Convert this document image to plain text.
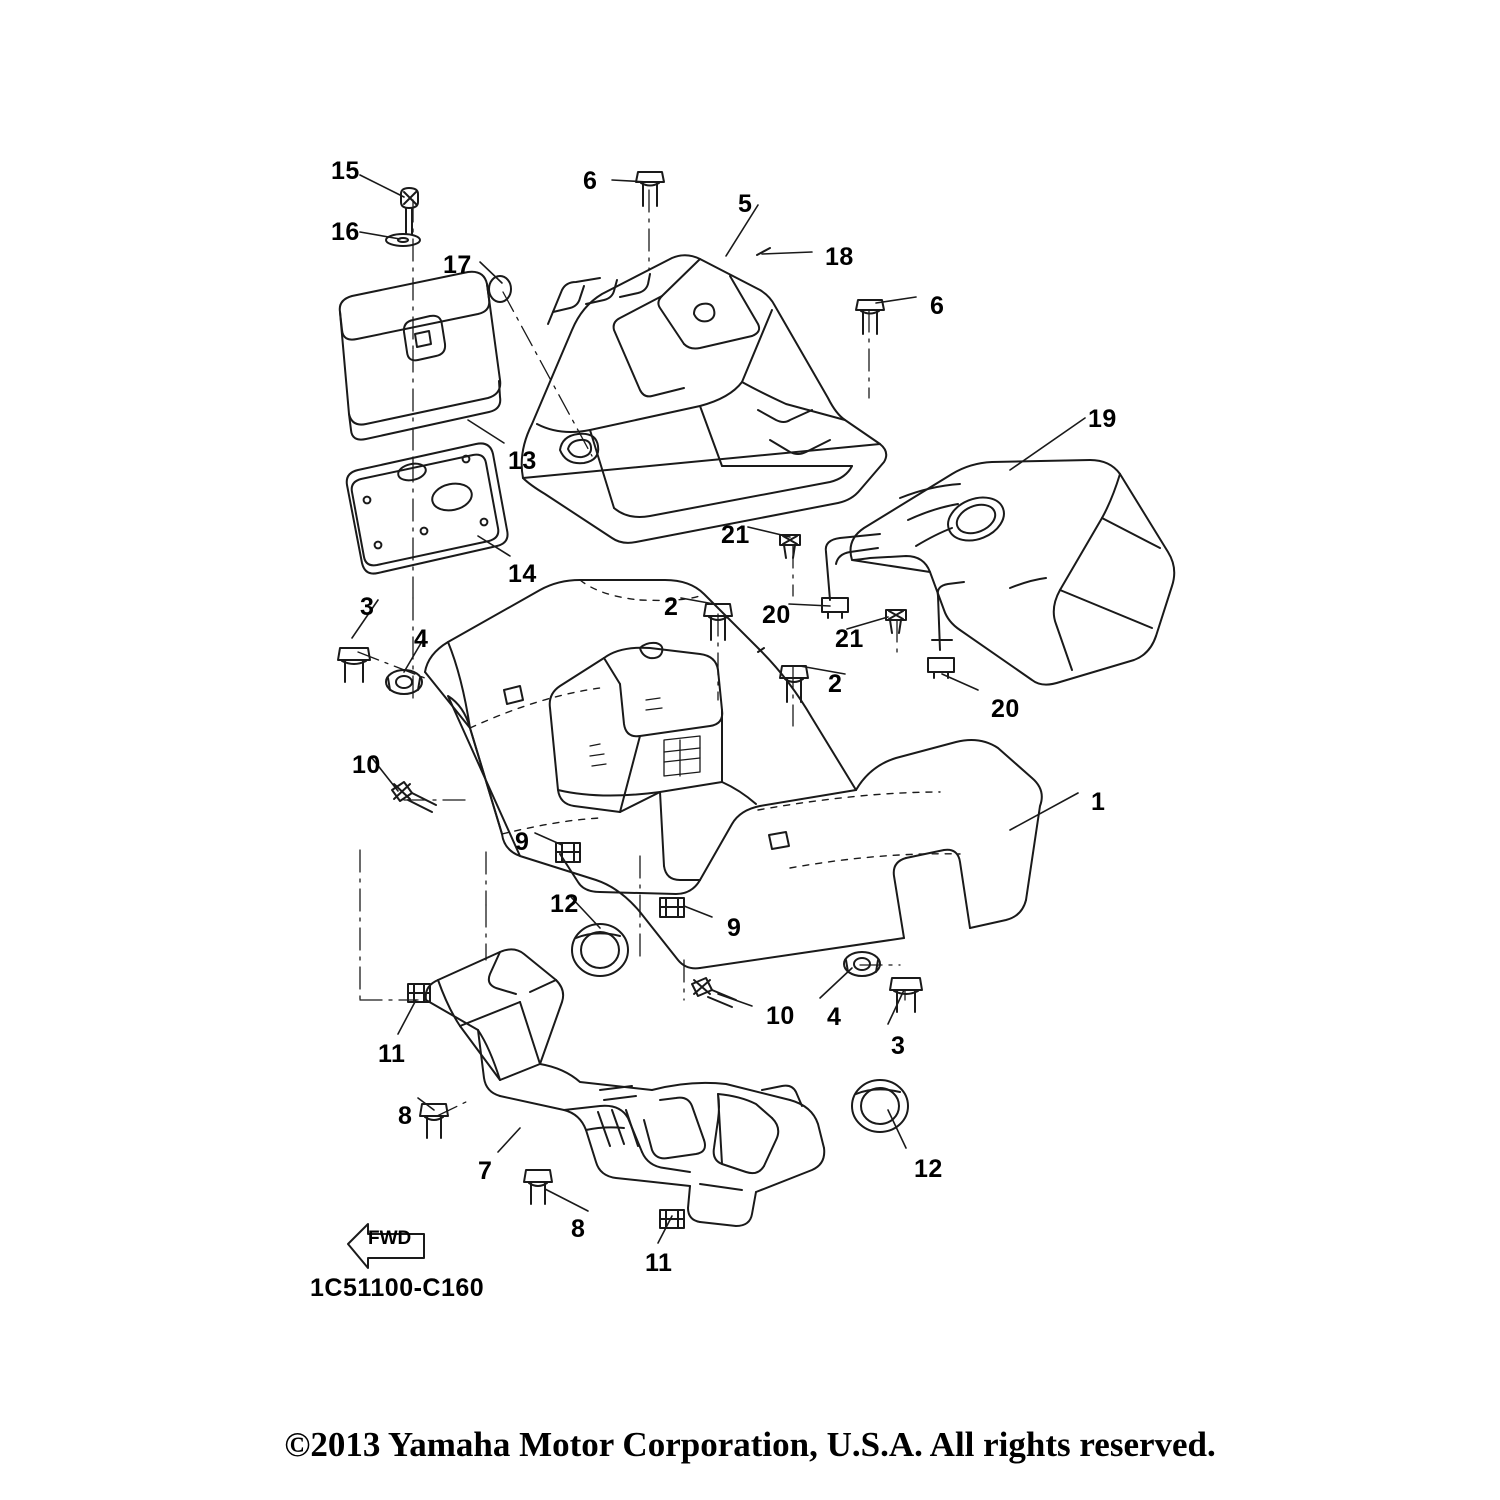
15	6
5
16
17	18
6
19
13
21
14
2	20
3
21
4
2
20
10
1
9
12
9
11
10 4
3
8
12
7
8
11
FWD
1C51100-C160
©2013 Yamaha Motor Corporation, U.S.A. All rights reserved.
